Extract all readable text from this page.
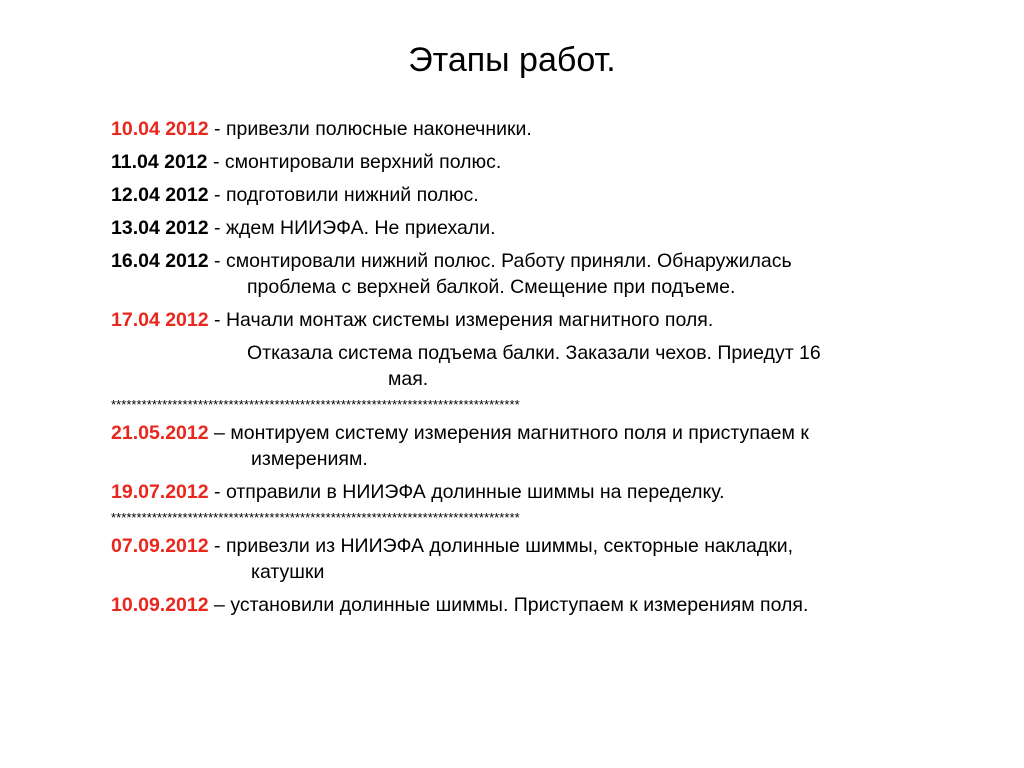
Этапы работ.
10.04 2012 - привезли полюсные наконечники.
11.04 2012 - смонтировали верхний полюс.
12.04 2012 - подготовили нижний полюс.
13.04 2012 - ждем НИИЭФА. Не приехали.
16.04 2012 - смонтировали нижний полюс. Работу приняли. Обнаружилась
проблема с верхней балкой. Смещение при подъеме.
17.04 2012 - Начали монтаж системы измерения магнитного поля.
Отказала система подъема балки. Заказали чехов. Приедут 16
мая.
********************************************************************************
21.05.2012 – монтируем систему измерения магнитного поля и приступаем к
измерениям.
19.07.2012 - отправили в НИИЭФА долинные шиммы на переделку.
********************************************************************************
07.09.2012 - привезли из НИИЭФА долинные шиммы, секторные накладки,
катушки
10.09.2012 – установили долинные шиммы. Приступаем к измерениям поля.
